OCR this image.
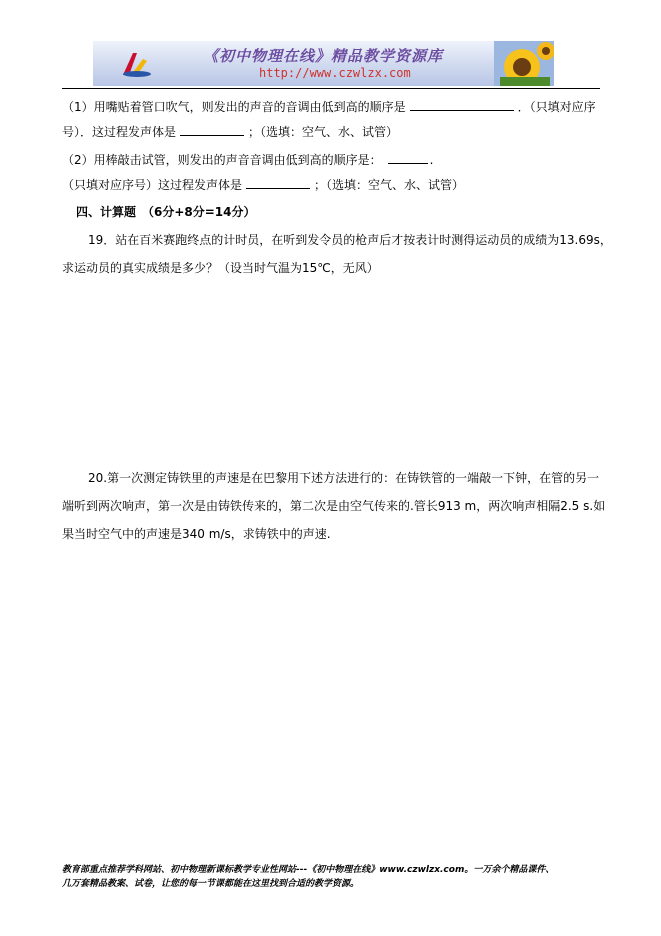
《初中物理在线》精品教学资源库
http://www.czwlzx.com
（1）用嘴贴着管口吹气，则发出的声音的音调由低到高的顺序是	．（只填对应序
号）．这过程发声体是	；（选填：空气、水、试管）
（2）用棒敲击试管，则发出的声音音调由低到高的顺序是：	.
（只填对应序号）这过程发声体是	；（选填：空气、水、试管）
四、计算题　（6分+8分=14分）
19．站在百米赛跑终点的计时员，在听到发令员的枪声后才按表计时测得运动员的成绩为13.69s，
求运动员的真实成绩是多少？（设当时气温为15℃，无风）
20.第一次测定铸铁里的声速是在巴黎用下述方法进行的：在铸铁管的一端敲一下钟，在管的另一
端听到两次响声，第一次是由铸铁传来的，第二次是由空气传来的.管长913 m，两次响声相隔2.5 s.如
果当时空气中的声速是340 m/s，求铸铁中的声速.
教育部重点推荐学科网站、初中物理新课标教学专业性网站---《初中物理在线》www.czwlzx.com。一万余个精品课件、
几万套精品教案、试卷，让您的每一节课都能在这里找到合适的教学资源。
